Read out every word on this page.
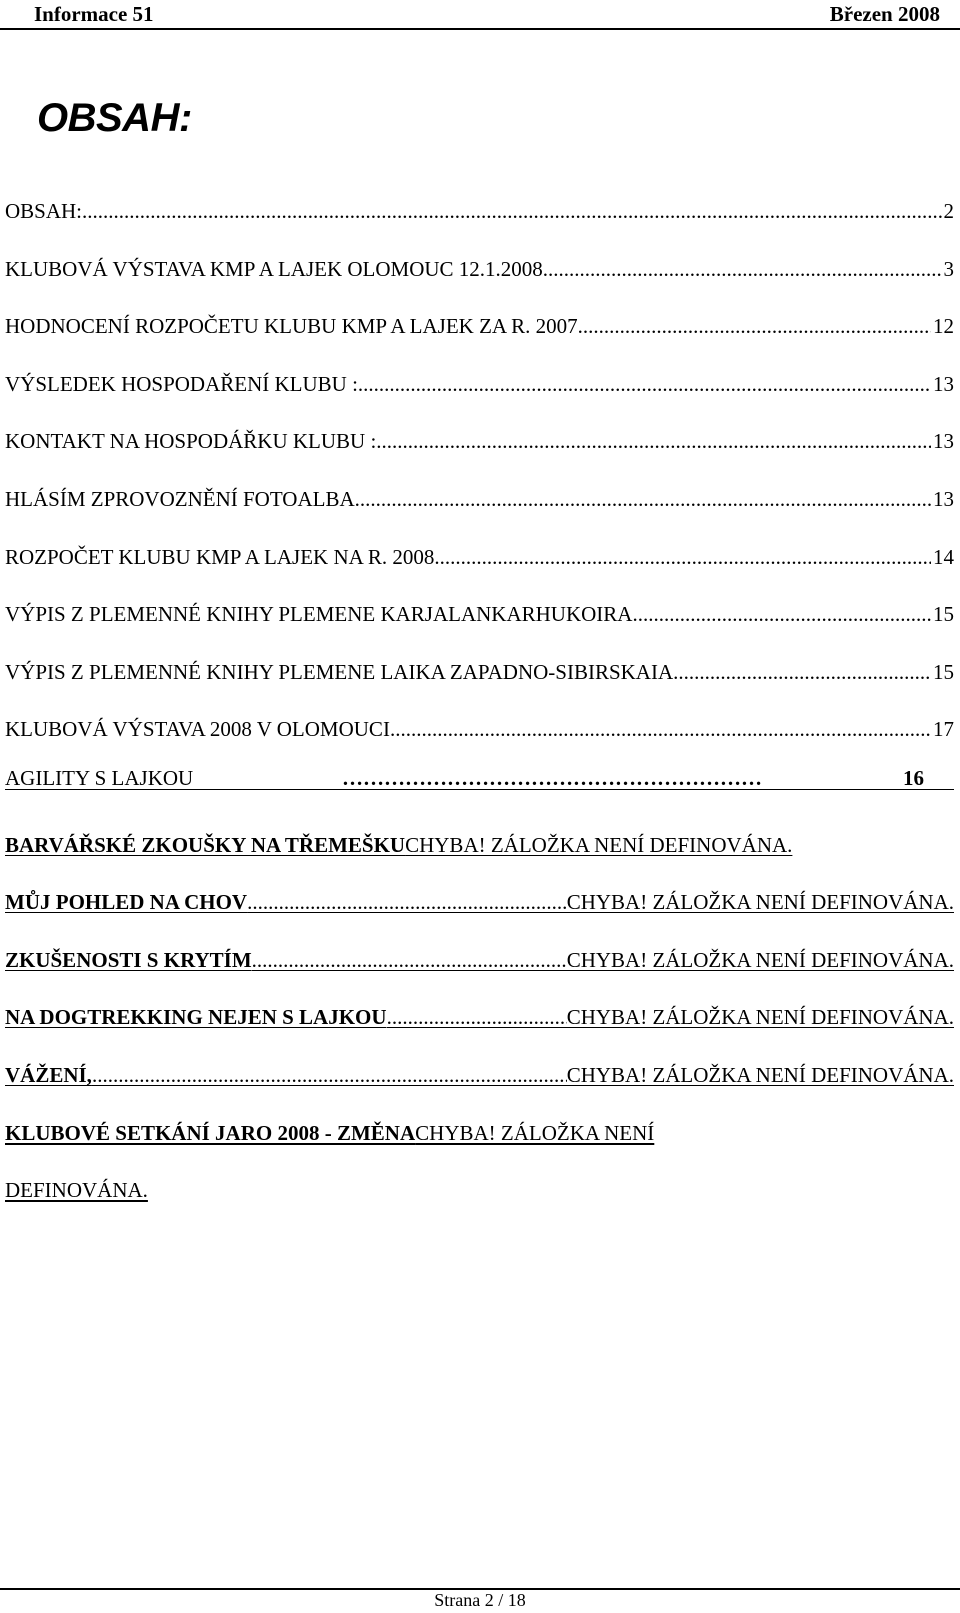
Informace 51	Březen 2008
OBSAH:
OBSAH: .....	2
KLUBOVÁ VÝSTAVA KMP A LAJEK OLOMOUC 12.1.2008 .....	3
HODNOCENÍ ROZPOČETU KLUBU KMP A LAJEK ZA R. 2007 .....	12
VÝSLEDEK HOSPODAŘENÍ KLUBU : .....	13
KONTAKT NA HOSPODÁŘKU KLUBU : .....	13
HLÁSÍM ZPROVOZNĚNÍ FOTOALBA .....	13
ROZPOČET KLUBU KMP A LAJEK NA R. 2008 .....	14
VÝPIS Z PLEMENNÉ KNIHY PLEMENE KARJALANKARHUKOIRA .....	15
VÝPIS Z PLEMENNÉ KNIHY PLEMENE LAIKA ZAPADNO-SIBIRSKAIA .....	15
KLUBOVÁ VÝSTAVA 2008 V OLOMOUCI .....	17
AGILITY S LAJKOU ……………………………………………………	16
BARVÁŘSKÉ ZKOUŠKY NA TŘEMEŠKU CHYBA! ZÁLOŽKA NENÍ DEFINOVÁNA.
MŮJ POHLED NA CHOV .....	CHYBA! ZÁLOŽKA NENÍ DEFINOVÁNA.
ZKUŠENOSTI S KRYTÍM .....	CHYBA! ZÁLOŽKA NENÍ DEFINOVÁNA.
NA DOGTREKKING NEJEN S LAJKOU .....	CHYBA! ZÁLOŽKA NENÍ DEFINOVÁNA.
VÁŽENÍ, .....	CHYBA! ZÁLOŽKA NENÍ DEFINOVÁNA.
KLUBOVÉ SETKÁNÍ JARO 2008 - ZMĚNACHYBA! ZÁLOŽKA NENÍ
DEFINOVÁNA.
Strana 2 / 18
